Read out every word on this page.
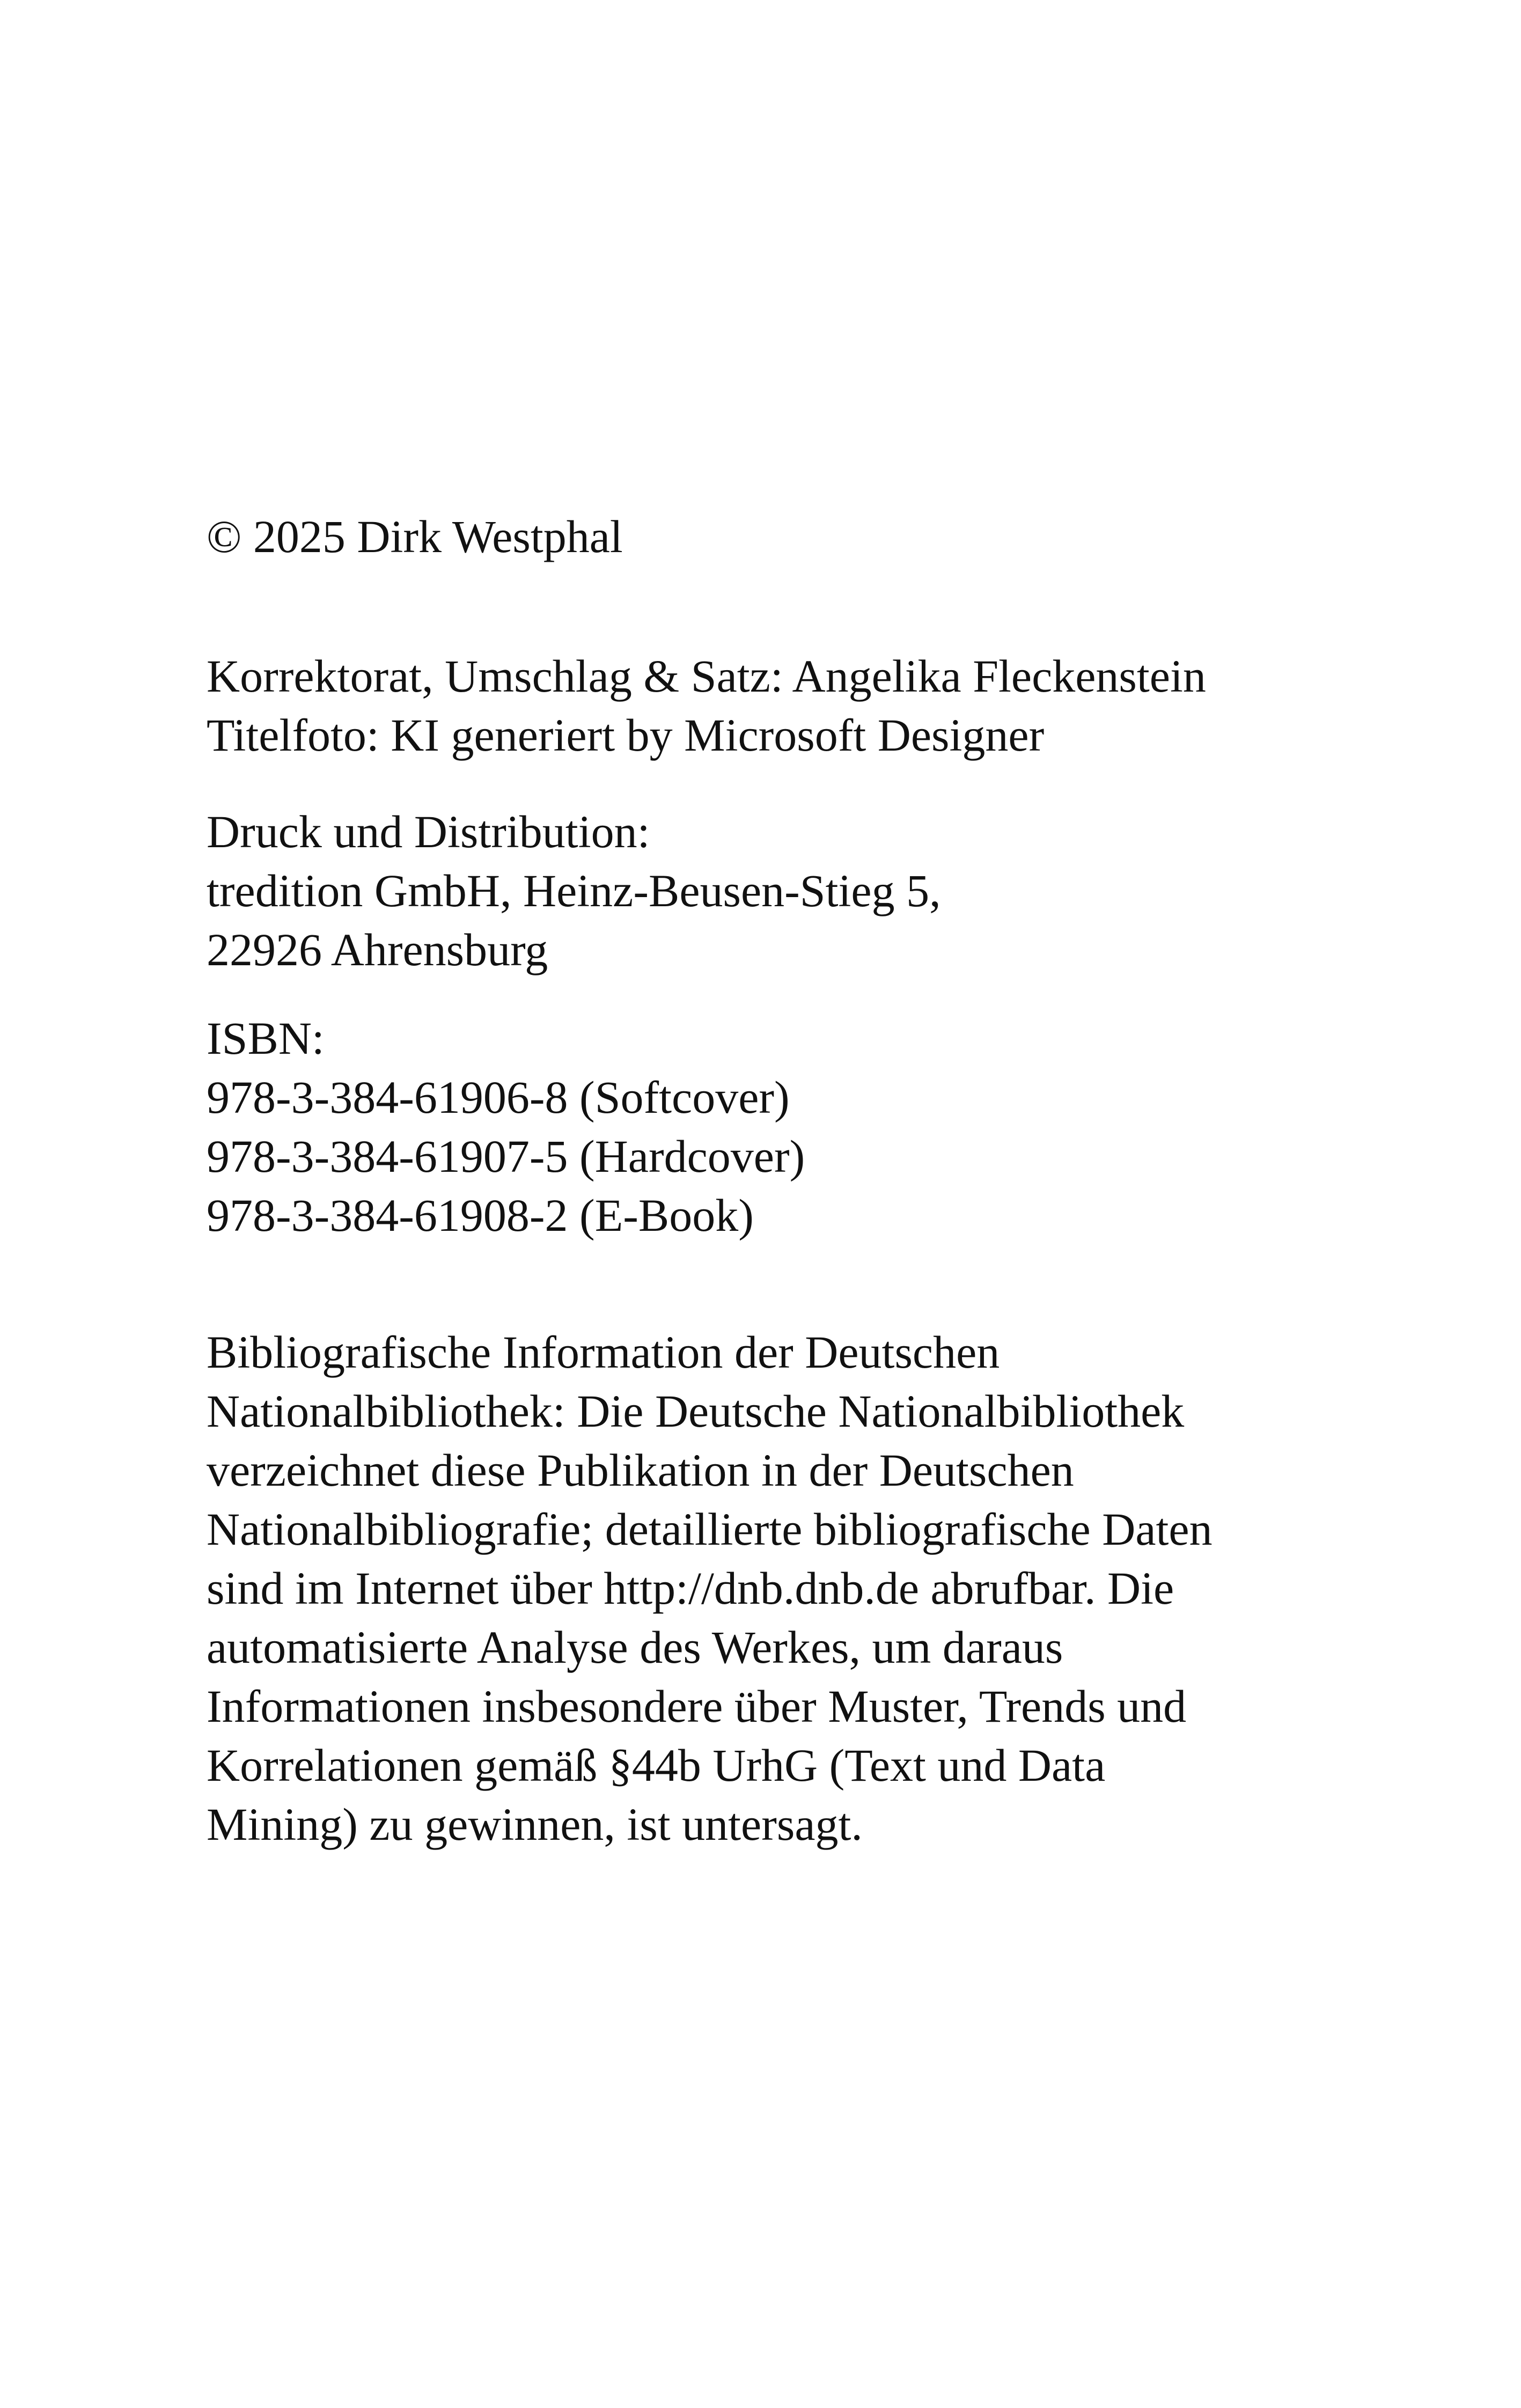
© 2025 Dirk Westphal
Korrektorat, Umschlag & Satz: Angelika Fleckenstein
Titelfoto: KI generiert by Microsoft Designer
Druck und Distribution:
tredition GmbH, Heinz-Beusen-Stieg 5,
22926 Ahrensburg
ISBN:
978-3-384-61906-8 (Softcover)
978-3-384-61907-5 (Hardcover)
978-3-384-61908-2 (E-Book)
Bibliografische Information der Deutschen
Nationalbibliothek: Die Deutsche Nationalbibliothek
verzeichnet diese Publikation in der Deutschen
Nationalbibliografie; detaillierte bibliografische Daten
sind im Internet über http://dnb.dnb.de abrufbar. Die
automatisierte Analyse des Werkes, um daraus
Informationen insbesondere über Muster, Trends und
Korrelationen gemäß §44b UrhG (Text und Data
Mining) zu gewinnen, ist untersagt.
